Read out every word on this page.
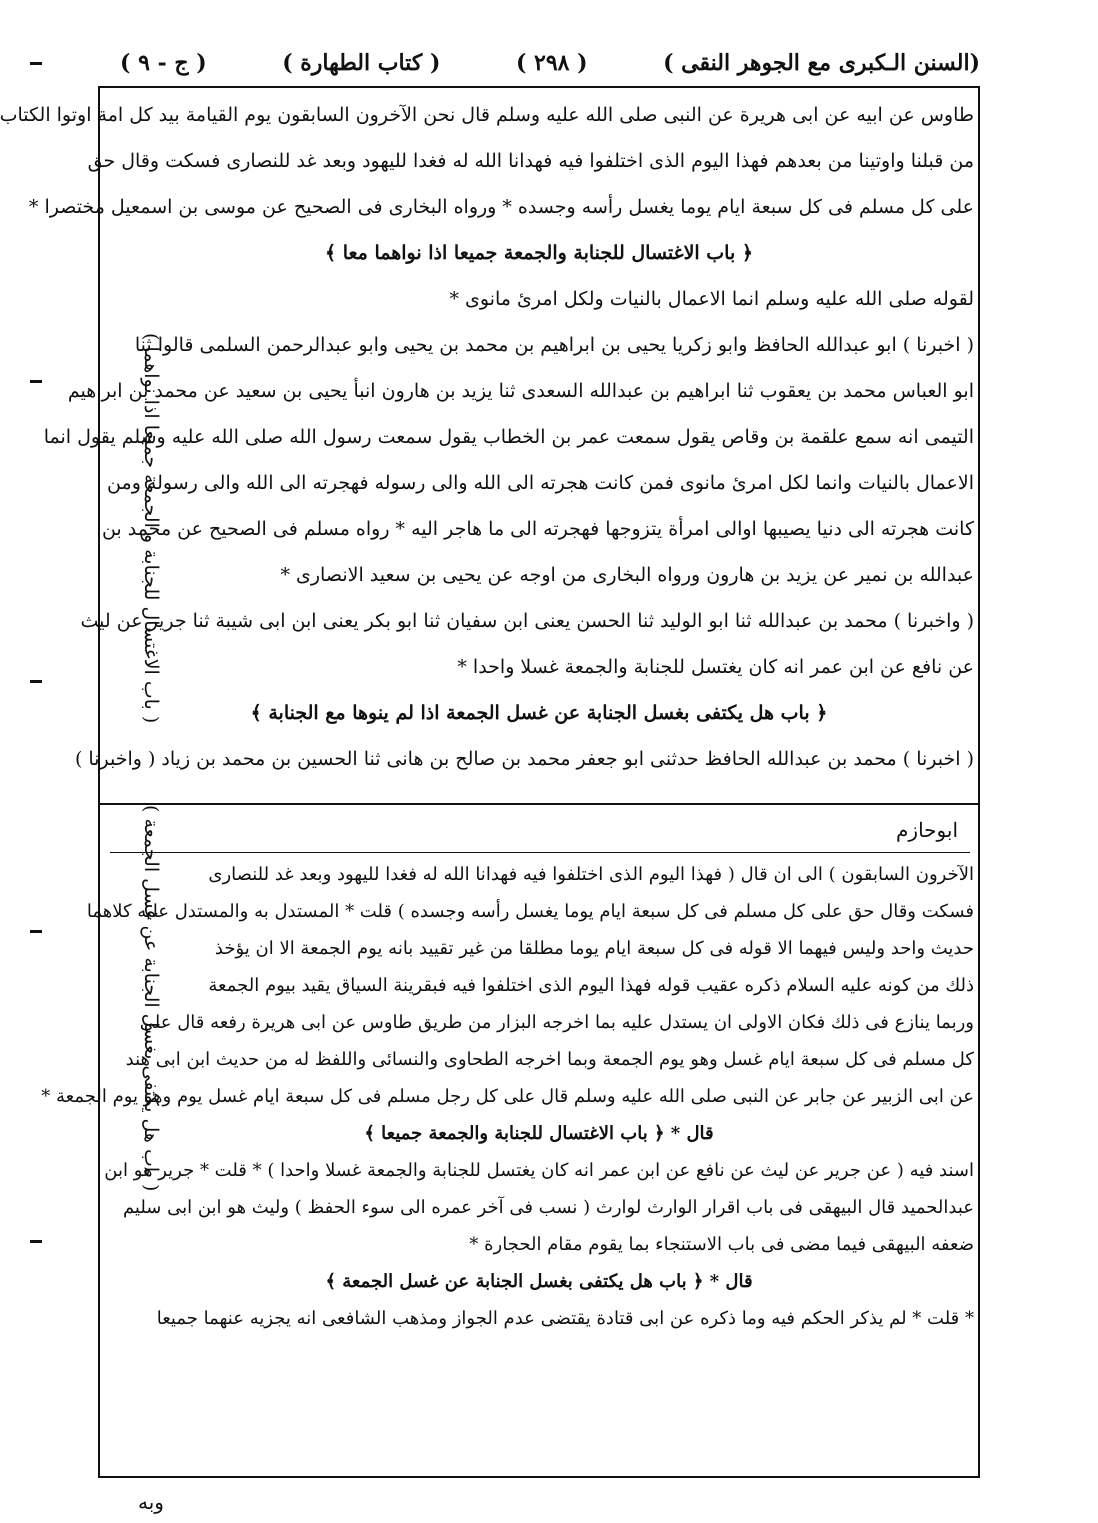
(السنن الـكبرى مع الجوهر النقى )
( ٢٩٨ )
( كتاب الطهارة )
( ج - ٩ )
( باب الاغتسال للجنابة و الجمعة جميعا اذا نواهما )
( باب هل يكتفى بغسل الجنابة عن غسل الجمعة )
طاوس عن ابيه عن ابى هريرة عن النبى صلى الله عليه وسلم قال نحن الآخرون السابقون يوم القيامة بيد كل امة اوتوا الكتاب
من قبلنا واوتينا من بعدهم فهذا اليوم الذى اختلفوا فيه فهدانا الله له فغدا لليهود وبعد غد للنصارى فسكت وقال حق
على كل مسلم فى كل سبعة ايام يوما يغسل رأسه وجسده * ورواه البخارى فى الصحيح عن موسى بن اسمعيل مختصرا *
﴿ باب الاغتسال للجنابة والجمعة جميعا اذا نواهما معا ﴾
لقوله صلى الله عليه وسلم انما الاعمال بالنيات ولكل امرئ مانوى *
( اخبرنا ) ابو عبدالله الحافظ وابو زكريا يحيى بن ابراهيم بن محمد بن يحيى وابو عبدالرحمن السلمى قالوا ثنا
ابو العباس محمد بن يعقوب ثنا ابراهيم بن عبدالله السعدى ثنا يزيد بن هارون انبأ يحيى بن سعيد عن محمد بن ابراهيم
التيمى انه سمع علقمة بن وقاص يقول سمعت عمر بن الخطاب يقول سمعت رسول الله صلى الله عليه وسلم يقول انما
الاعمال بالنيات وانما لكل امرئ مانوى فمن كانت هجرته الى الله والى رسوله فهجرته الى الله والى رسوله ومن
كانت هجرته الى دنيا يصيبها اوالى امرأة يتزوجها فهجرته الى ما هاجر اليه * رواه مسلم فى الصحيح عن محمد بن
عبدالله بن نمير عن يزيد بن هارون ورواه البخارى من اوجه عن يحيى بن سعيد الانصارى *
( واخبرنا ) محمد بن عبدالله ثنا ابو الوليد ثنا الحسن يعنى ابن سفيان ثنا ابو بكر يعنى ابن ابى شيبة ثنا جرير عن ليث
عن نافع عن ابن عمر انه كان يغتسل للجنابة والجمعة غسلا واحدا *
﴿ باب هل يكتفى بغسل الجنابة عن غسل الجمعة اذا لم ينوها مع الجنابة ﴾
( اخبرنا ) محمد بن عبدالله الحافظ حدثنى ابو جعفر محمد بن صالح بن هانى ثنا الحسين بن محمد بن زياد ( واخبرنا )
ابوحازم
الآخرون السابقون ) الى ان قال ( فهذا اليوم الذى اختلفوا فيه فهدانا الله له فغدا لليهود وبعد غد للنصارى
فسكت وقال حق على كل مسلم فى كل سبعة ايام يوما يغسل رأسه وجسده ) قلت * المستدل به والمستدل عليه كلاهما
حديث واحد وليس فيهما الا قوله فى كل سبعة ايام يوما مطلقا من غير تقييد بانه يوم الجمعة الا ان يؤخذ
ذلك من كونه عليه السلام ذكره عقيب قوله فهذا اليوم الذى اختلفوا فيه فبقرينة السياق يقيد بيوم الجمعة
وربما ينازع فى ذلك فكان الاولى ان يستدل عليه بما اخرجه البزار من طريق طاوس عن ابى هريرة رفعه قال على
كل مسلم فى كل سبعة ايام غسل وهو يوم الجمعة وبما اخرجه الطحاوى والنسائى واللفظ له من حديث ابن ابى هند
عن ابى الزبير عن جابر عن النبى صلى الله عليه وسلم قال على كل رجل مسلم فى كل سبعة ايام غسل يوم وهو يوم الجمعة *
قال * ﴿ باب الاغتسال للجنابة والجمعة جميعا ﴾
اسند فيه ( عن جرير عن ليث عن نافع عن ابن عمر انه كان يغتسل للجنابة والجمعة غسلا واحدا ) * قلت * جرير هو ابن
عبدالحميد قال البيهقى فى باب اقرار الوارث لوارث ( نسب فى آخر عمره الى سوء الحفظ ) وليث هو ابن ابى سليم
ضعفه البيهقى فيما مضى فى باب الاستنجاء بما يقوم مقام الحجارة *
قال * ﴿ باب هل يكتفى بغسل الجنابة عن غسل الجمعة ﴾
* قلت * لم يذكر الحكم فيه وما ذكره عن ابى قتادة يقتضى عدم الجواز ومذهب الشافعى انه يجزيه عنهما جميعا
وبه
